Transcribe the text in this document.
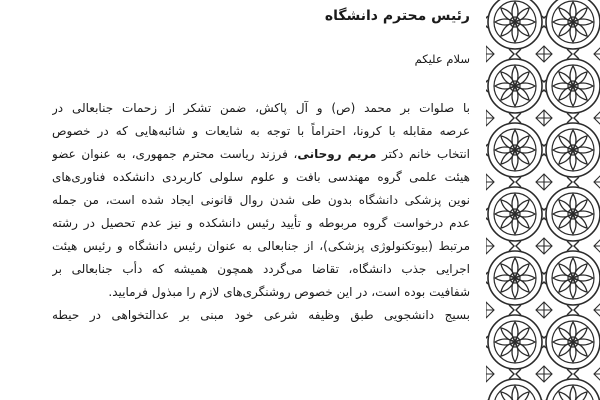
رئیس محترم دانشگاه
سلام علیکم
با صلوات بر محمد (ص) و آل پاکش، ضمن تشکر از زحمات جنابعالی در
عرصه مقابله با کرونا، احتراماً با توجه به شایعات و شائبه‌هایی که در خصوص
انتخاب خانم دکتر مریم روحانی، فرزند ریاست محترم جمهوری، به عنوان عضو
هیئت علمی گروه مهندسی بافت و علوم سلولی کاربردی دانشکده فناوری‌های
نوین پزشکی دانشگاه بدون طی شدن روال قانونی ایجاد شده است، من جمله
عدم درخواست گروه مربوطه و تأیید رئیس دانشکده و نیز عدم تحصیل در رشته
مرتبط (بیوتکنولوژی پزشکی)، از جنابعالی به عنوان رئیس دانشگاه و رئیس هیئت
اجرایی جذب دانشگاه، تقاضا می‌گردد همچون همیشه که دأب جنابعالی بر
شفافیت بوده است، در این خصوص روشنگری‌های لازم را مبذول فرمایید.
بسیج دانشجویی طبق وظیفه شرعی خود مبنی بر عدالتخواهی در حیطه
